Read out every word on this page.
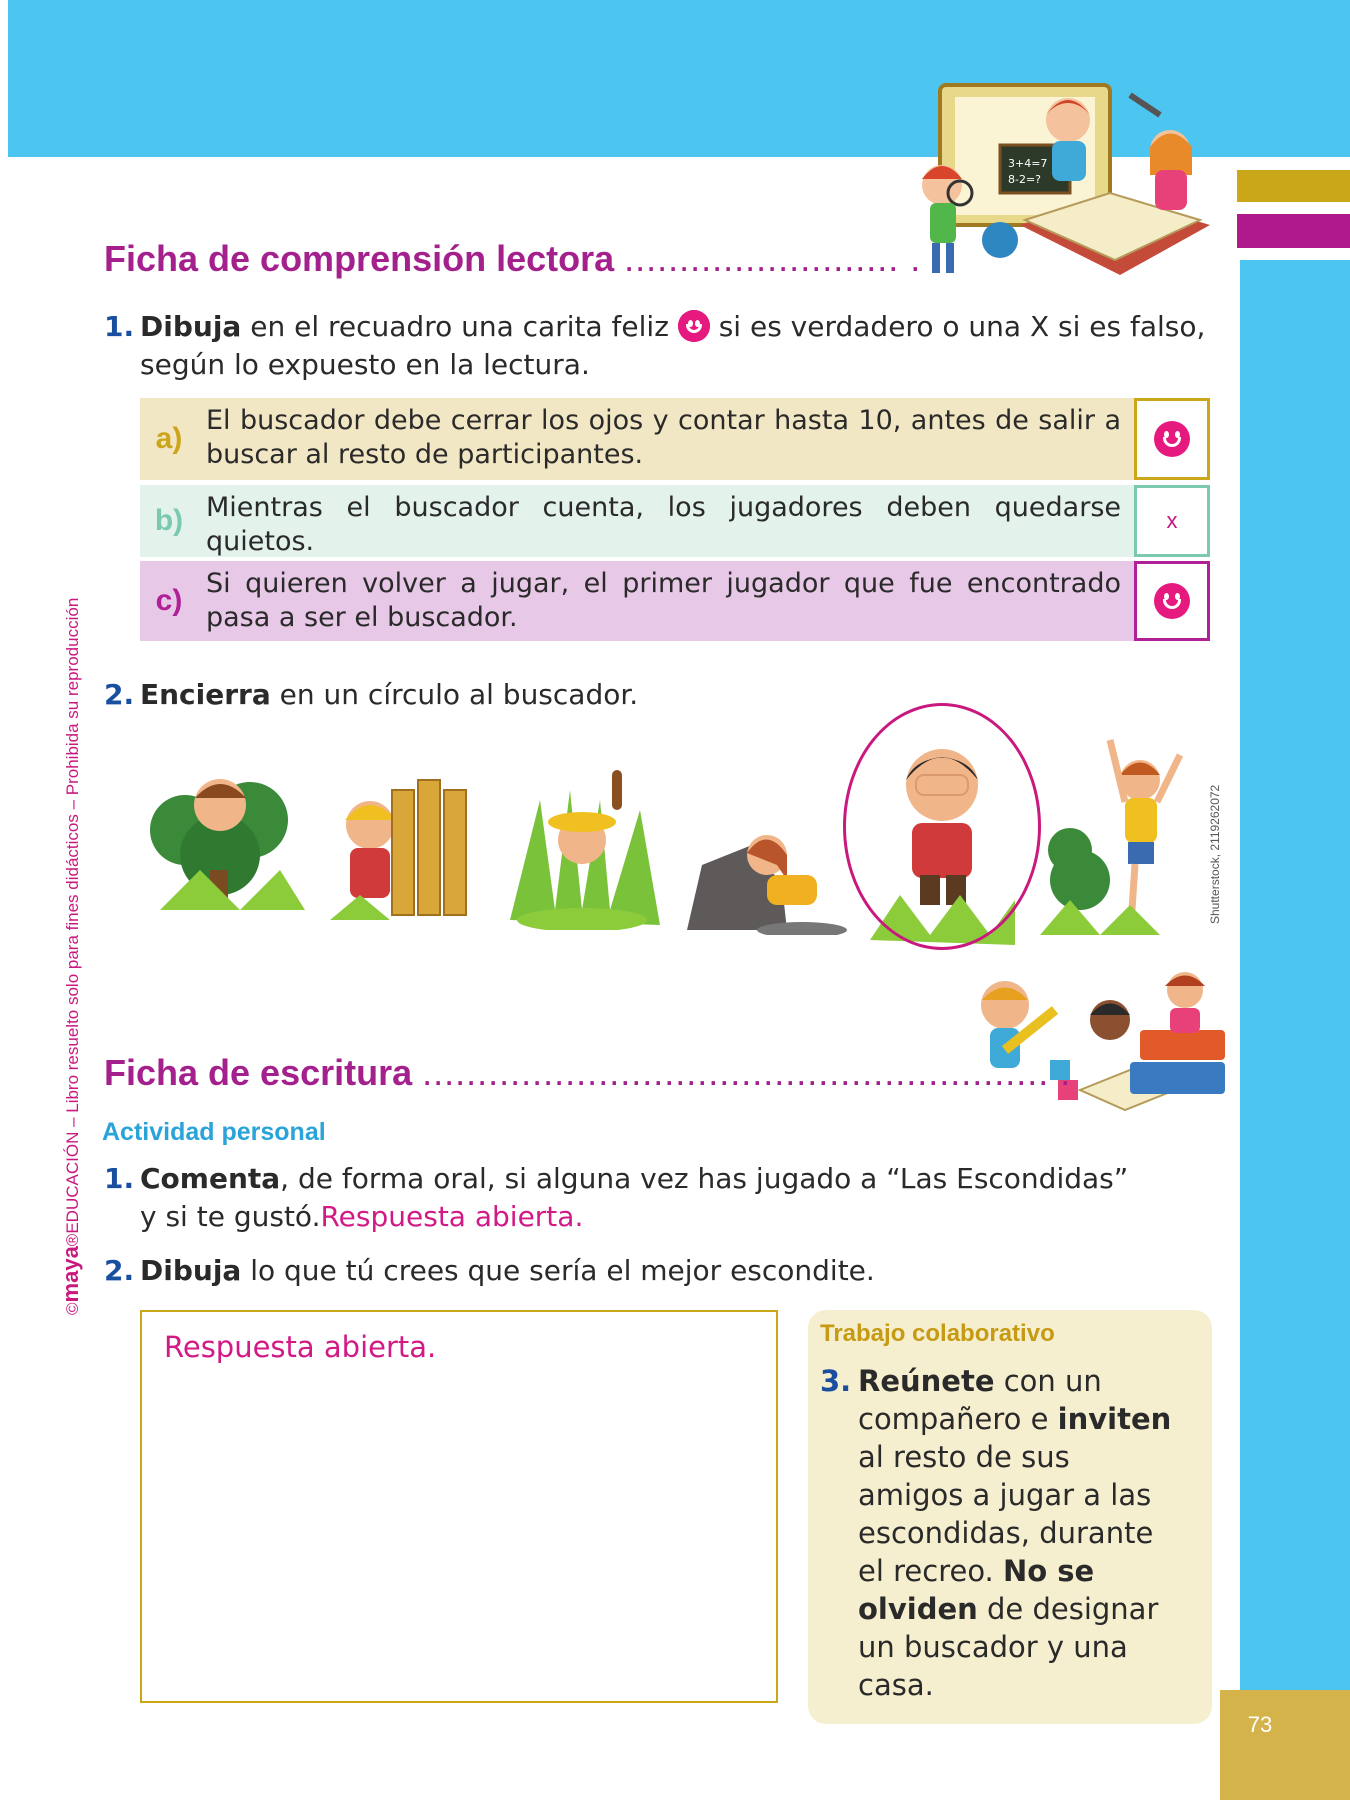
73
©maya®EDUCACIÓN – Libro resuelto solo para fines didácticos – Prohibida su reproducción
3+4=7
8-2=?
Ficha de comprensión lectora ......................... .
1. Dibuja en el recuadro una carita feliz
si es verdadero o una X si es falso,
según lo expuesto en la lectura.
a)
El buscador debe cerrar los ojos y contar hasta 10, antes de salir a buscar al resto de participantes.
b) Mientras el buscador cuenta, los jugadores deben quedarse quietos.
x
c)
Si quieren volver a jugar, el primer jugador que fue encontrado pasa a ser el buscador.
2. Encierra en un círculo al buscador.
Shutterstock, 2119262072
Ficha de escritura ......................................................... .
Actividad personal
1. Comenta, de forma oral, si alguna vez has jugado a “Las Escondidas”
y si te gustó.Respuesta abierta.
2. Dibuja lo que tú crees que sería el mejor escondite.
Respuesta abierta.	Trabajo colaborativo
3. Reúnete con un
compañero e inviten
al resto de sus
amigos a jugar a las
escondidas, durante
el recreo. No se
olviden de designar
un buscador y una
casa.
